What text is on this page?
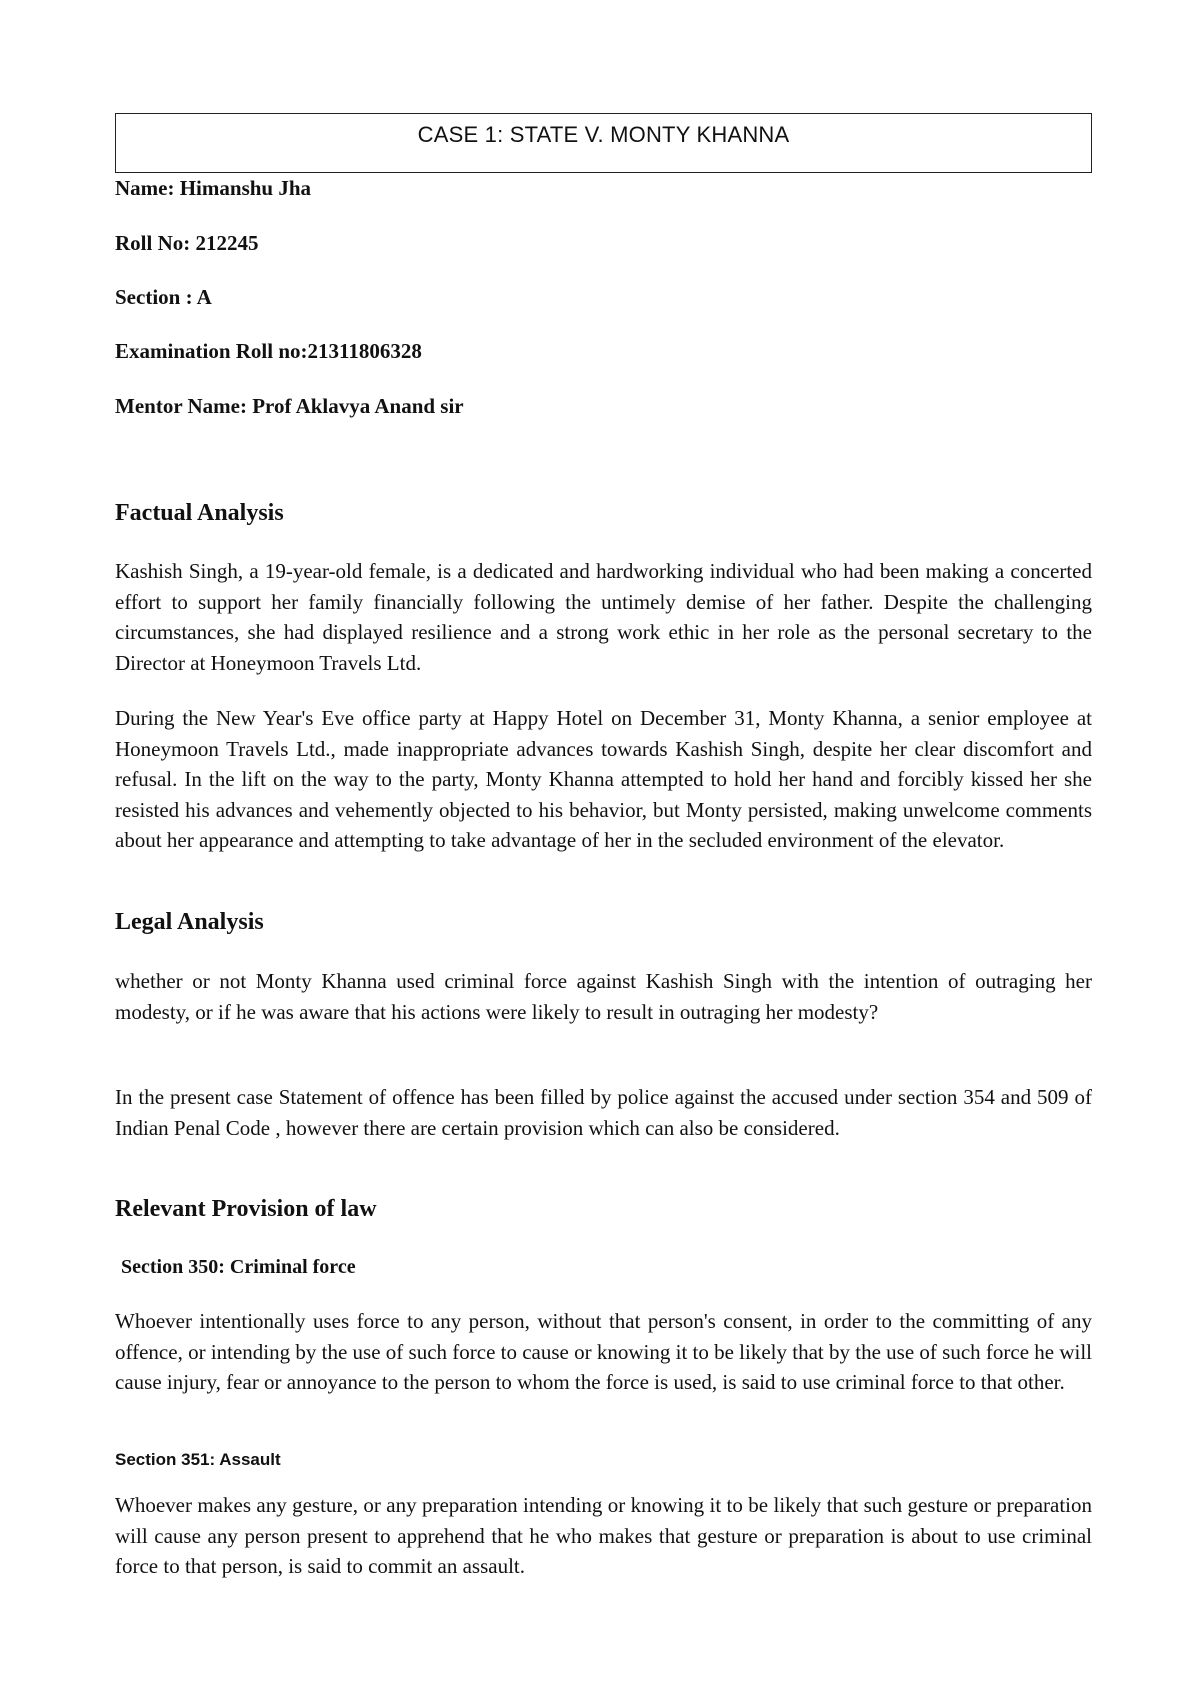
CASE 1: STATE V. MONTY KHANNA
Name: Himanshu Jha
Roll No: 212245
Section : A
Examination Roll no:21311806328
Mentor Name: Prof Aklavya Anand sir
Factual Analysis

Kashish Singh, a 19-year-old female, is a dedicated and hardworking individual who had been making a concerted effort to support her family financially following the untimely demise of her father. Despite the challenging circumstances, she had displayed resilience and a strong work ethic in her role as the personal secretary to the Director at Honeymoon Travels Ltd.

During the New Year's Eve office party at Happy Hotel on December 31, Monty Khanna, a senior employee at Honeymoon Travels Ltd., made inappropriate advances towards Kashish Singh, despite her clear discomfort and refusal. In the lift on the way to the party, Monty Khanna attempted to hold her hand and forcibly kissed her she resisted his advances and vehemently objected to his behavior, but Monty persisted, making unwelcome comments about her appearance and attempting to take advantage of her in the secluded environment of the elevator.

Legal Analysis

whether or not Monty Khanna used criminal force against Kashish Singh with the intention of outraging her modesty, or if he was aware that his actions were likely to result in outraging her modesty?

In the present case Statement of offence has been filled by police against the accused under section 354 and 509 of Indian Penal Code , however there are certain provision which can also be considered.

Relevant Provision of law
Section 350: Criminal force

Whoever intentionally uses force to any person, without that person's consent, in order to the committing of any offence, or intending by the use of such force to cause or knowing it to be likely that by the use of such force he will cause injury, fear or annoyance to the person to whom the force is used, is said to use criminal force to that other.

Section 351: Assault

Whoever makes any gesture, or any preparation intending or knowing it to be likely that such gesture or preparation will cause any person present to apprehend that he who makes that gesture or preparation is about to use criminal force to that person, is said to commit an assault.
